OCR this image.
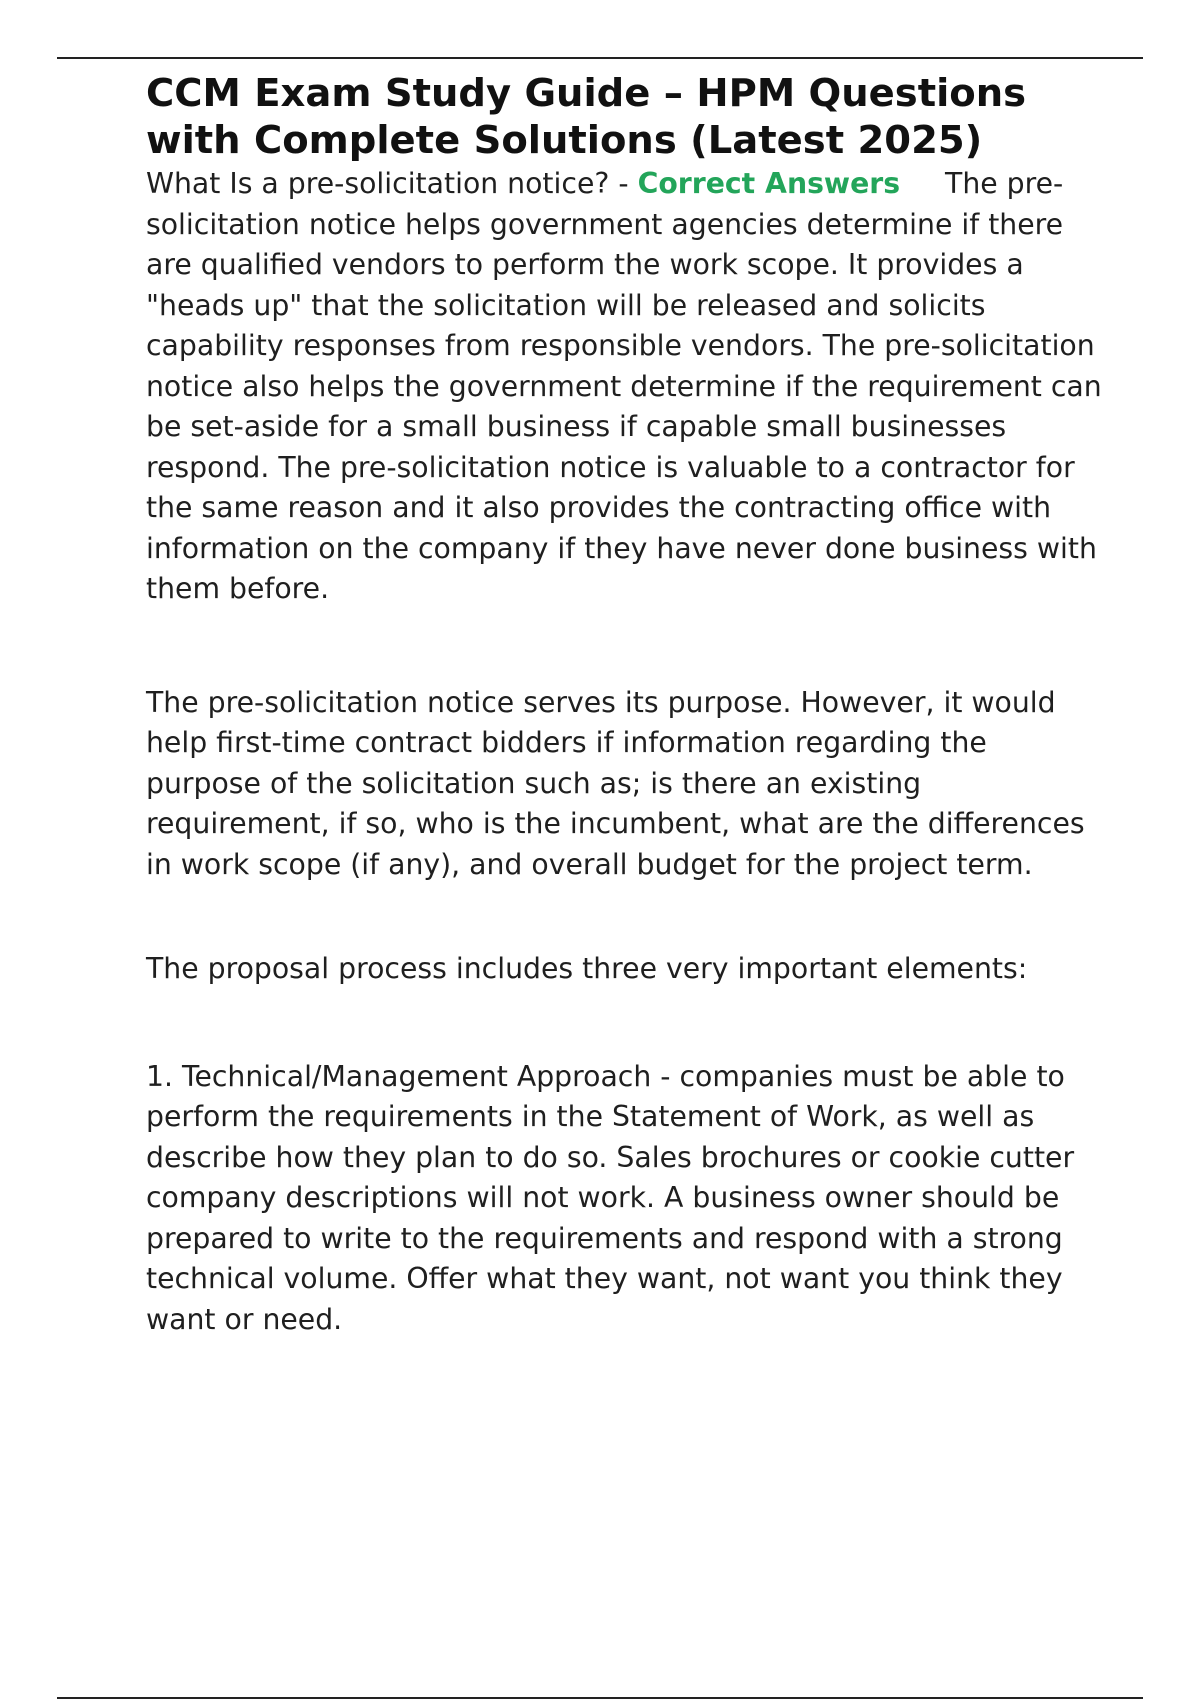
CCM Exam Study Guide – HPM Questions with Complete Solutions (Latest 2025)

What Is a pre-solicitation notice? - Correct Answers     The pre-solicitation notice helps government agencies determine if there are qualified vendors to perform the work scope. It provides a "heads up" that the solicitation will be released and solicits capability responses from responsible vendors. The pre-solicitation notice also helps the government determine if the requirement can be set-aside for a small business if capable small businesses respond. The pre-solicitation notice is valuable to a contractor for the same reason and it also provides the contracting office with information on the company if they have never done business with them before.

The pre-solicitation notice serves its purpose. However, it would help first-time contract bidders if information regarding the purpose of the solicitation such as; is there an existing requirement, if so, who is the incumbent, what are the differences in work scope (if any), and overall budget for the project term.

The proposal process includes three very important elements:

1. Technical/Management Approach - companies must be able to perform the requirements in the Statement of Work, as well as describe how they plan to do so. Sales brochures or cookie cutter company descriptions will not work. A business owner should be prepared to write to the requirements and respond with a strong technical volume. Offer what they want, not want you think they want or need.
